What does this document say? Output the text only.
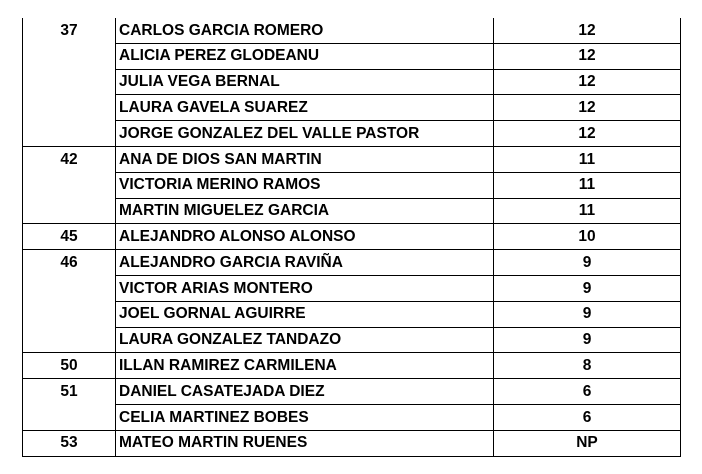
37	CARLOS GARCIA ROMERO	12
	ALICIA PEREZ GLODEANU	12
	JULIA VEGA BERNAL	12
	LAURA GAVELA SUAREZ	12
	JORGE GONZALEZ DEL VALLE PASTOR	12
42	ANA DE DIOS SAN MARTIN	11
	VICTORIA MERINO RAMOS	11
	MARTIN MIGUELEZ GARCIA	11
45	ALEJANDRO ALONSO ALONSO	10
46	ALEJANDRO GARCIA RAVIÑA	9
	VICTOR ARIAS MONTERO	9
	JOEL GORNAL AGUIRRE	9
	LAURA GONZALEZ TANDAZO	9
50	ILLAN RAMIREZ CARMILENA	8
51	DANIEL CASATEJADA DIEZ	6
	CELIA MARTINEZ BOBES	6
53	MATEO MARTIN RUENES	NP
